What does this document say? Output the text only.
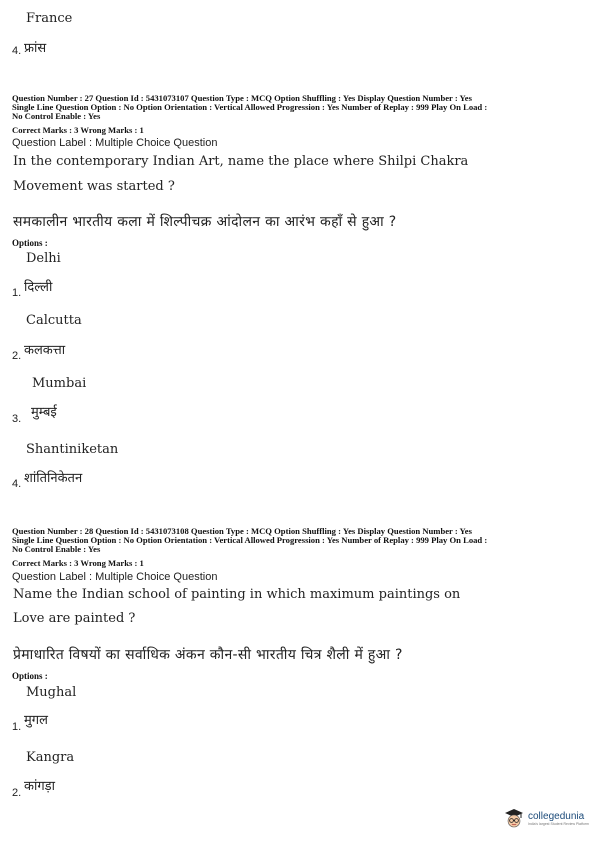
France
4. फ्रांस
Question Number : 27 Question Id : 5431073107 Question Type : MCQ Option Shuffling : Yes Display Question Number : Yes
Single Line Question Option : No Option Orientation : Vertical Allowed Progression : Yes Number of Replay : 999 Play On Load :
No Control Enable : Yes
Correct Marks : 3 Wrong Marks : 1
Question Label : Multiple Choice Question
In the contemporary Indian Art, name the place where Shilpi Chakra
Movement was started ?
समकालीन भारतीय कला में शिल्पीचक्र आंदोलन का आरंभ कहाँ से हुआ ?
Options :
Delhi
1. दिल्ली
Calcutta
2. कलकत्ता
Mumbai
3. मुम्बई
Shantiniketan
4. शांतिनिकेतन
Question Number : 28 Question Id : 5431073108 Question Type : MCQ Option Shuffling : Yes Display Question Number : Yes
Single Line Question Option : No Option Orientation : Vertical Allowed Progression : Yes Number of Replay : 999 Play On Load :
No Control Enable : Yes
Correct Marks : 3 Wrong Marks : 1
Question Label : Multiple Choice Question
Name the Indian school of painting in which maximum paintings on
Love are painted ?
प्रेमाधारित विषयों का सर्वाधिक अंकन कौन-सी भारतीय चित्र शैली में हुआ ?
Options :
Mughal
1. मुगल
Kangra
2. कांगड़ा
collegedunia
India's largest Student Review Platform
